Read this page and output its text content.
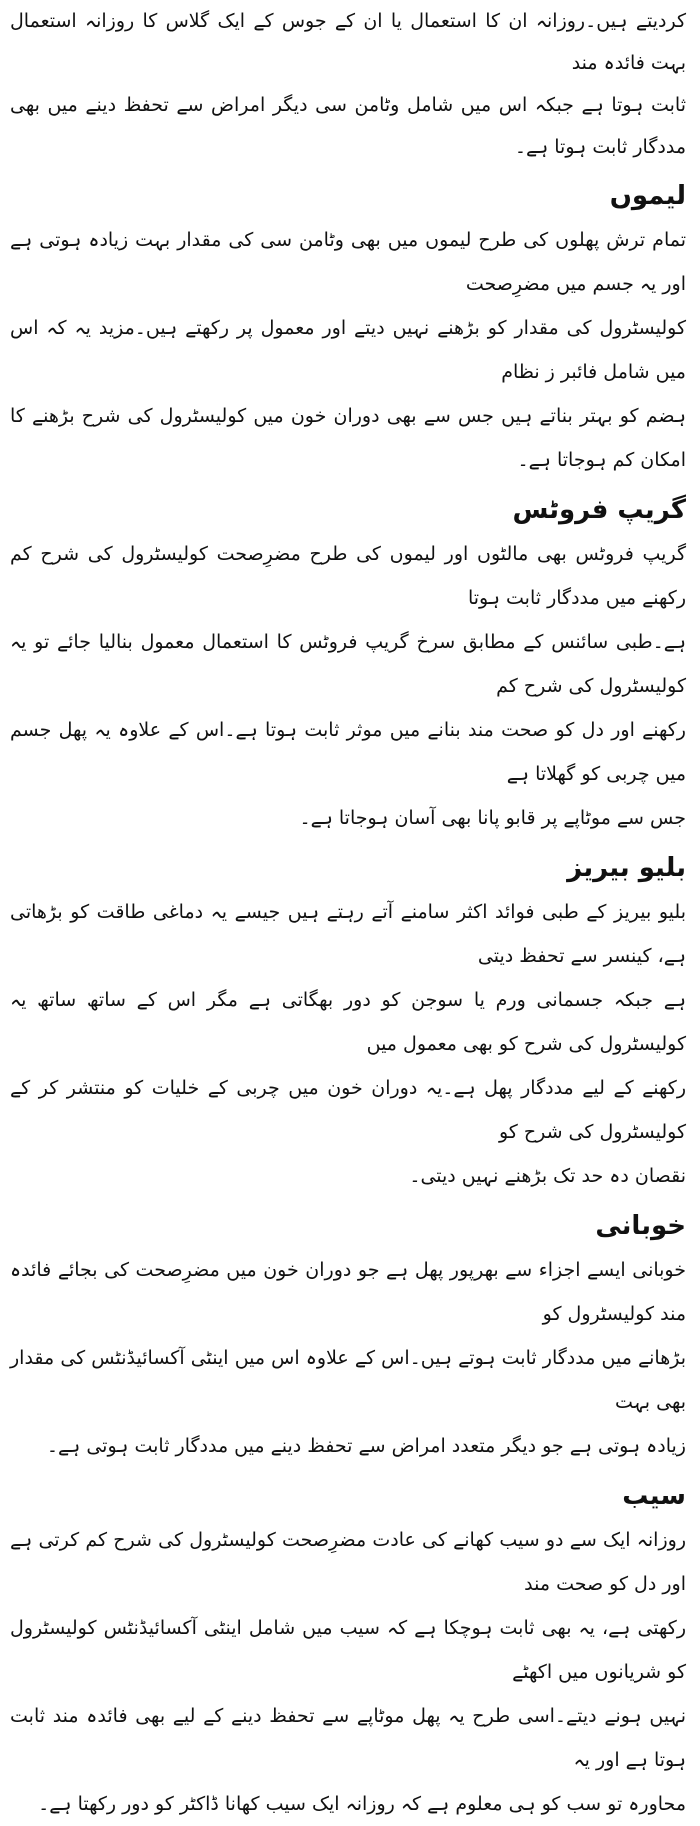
کردیتے ہیں۔روزانہ ان کا استعمال یا ان کے جوس کے ایک گلاس کا روزانہ استعمال بہت فائدہ مند

ثابت ہوتا ہے جبکہ اس میں شامل وٹامن سی دیگر امراض سے تحفظ دینے میں بھی مددگار ثابت ہوتا ہے۔

لیموں

تمام ترش پھلوں کی طرح لیموں میں بھی وٹامن سی کی مقدار بہت زیادہ ہوتی ہے اور یہ جسم میں مضرِصحت

کولیسٹرول کی مقدار کو بڑھنے نہیں دیتے اور معمول پر رکھتے ہیں۔مزید یہ کہ اس میں شامل فائبر ز نظام

ہضم کو بہتر بناتے ہیں جس سے بھی دوران خون میں کولیسٹرول کی شرح بڑھنے کا امکان کم ہوجاتا ہے۔

گریپ فروٹس

گریپ فروٹس بھی مالٹوں اور لیموں کی طرح مضرِصحت کولیسٹرول کی شرح کم رکھنے میں مددگار ثابت ہوتا

ہے۔طبی سائنس کے مطابق سرخ گریپ فروٹس کا استعمال معمول بنالیا جائے تو یہ کولیسٹرول کی شرح کم

رکھنے اور دل کو صحت مند بنانے میں موثر ثابت ہوتا ہے۔اس کے علاوہ یہ پھل جسم میں چربی کو گھلاتا ہے

جس سے موٹاپے پر قابو پانا بھی آسان ہوجاتا ہے۔

بلیو بیریز

بلیو بیریز کے طبی فوائد اکثر سامنے آتے رہتے ہیں جیسے یہ دماغی طاقت کو بڑھاتی ہے، کینسر سے تحفظ دیتی

ہے جبکہ جسمانی ورم یا سوجن کو دور بھگاتی ہے مگر اس کے ساتھ ساتھ یہ کولیسٹرول کی شرح کو بھی معمول میں

رکھنے کے لیے مددگار پھل ہے۔یہ دوران خون میں چربی کے خلیات کو منتشر کر کے کولیسٹرول کی شرح کو

نقصان دہ حد تک بڑھنے نہیں دیتی۔

خوبانی

خوبانی ایسے اجزاء سے بھرپور پھل ہے جو دوران خون میں مضرِصحت کی بجائے فائدہ مند کولیسٹرول کو

بڑھانے میں مددگار ثابت ہوتے ہیں۔اس کے علاوہ اس میں اینٹی آکسائیڈنٹس کی مقدار بھی بہت

زیادہ ہوتی ہے جو دیگر متعدد امراض سے تحفظ دینے میں مددگار ثابت ہوتی ہے۔

سیب

روزانہ ایک سے دو سیب کھانے کی عادت مضرِصحت کولیسٹرول کی شرح کم کرتی ہے اور دل کو صحت مند

رکھتی ہے، یہ بھی ثابت ہوچکا ہے کہ سیب میں شامل اینٹی آکسائیڈنٹس کولیسٹرول کو شریانوں میں اکھٹے

نہیں ہونے دیتے۔اسی طرح یہ پھل موٹاپے سے تحفظ دینے کے لیے بھی فائدہ مند ثابت ہوتا ہے اور یہ

محاورہ تو سب کو ہی معلوم ہے کہ روزانہ ایک سیب کھانا ڈاکٹر کو دور رکھتا ہے۔
